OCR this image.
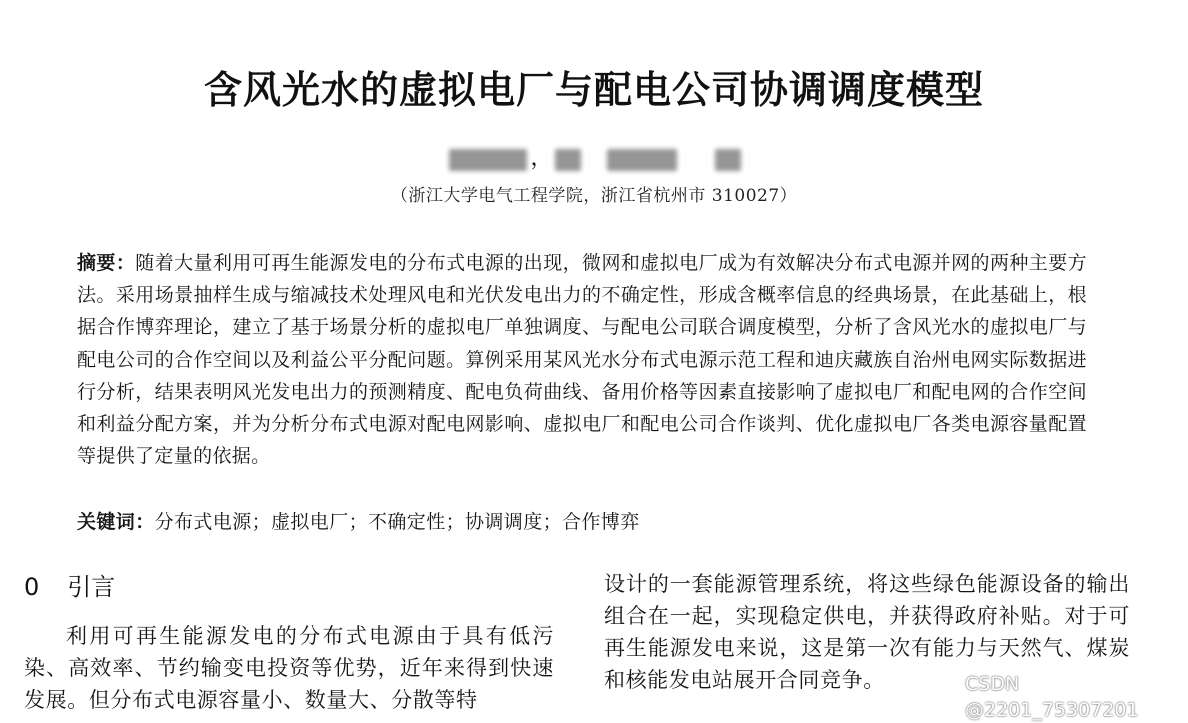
含风光水的虚拟电厂与配电公司协调调度模型
，
（浙江大学电气工程学院，浙江省杭州市 310027）
摘要：随着大量利用可再生能源发电的分布式电源的出现，微网和虚拟电厂成为有效解决分布式电源并网的两种主要方法。采用场景抽样生成与缩减技术处理风电和光伏发电出力的不确定性，形成含概率信息的经典场景，在此基础上，根据合作博弈理论，建立了基于场景分析的虚拟电厂单独调度、与配电公司联合调度模型，分析了含风光水的虚拟电厂与配电公司的合作空间以及利益公平分配问题。算例采用某风光水分布式电源示范工程和迪庆藏族自治州电网实际数据进行分析，结果表明风光发电出力的预测精度、配电负荷曲线、备用价格等因素直接影响了虚拟电厂和配电网的合作空间和利益分配方案，并为分析分布式电源对配电网影响、虚拟电厂和配电公司合作谈判、优化虚拟电厂各类电源容量配置等提供了定量的依据。
关键词：分布式电源；虚拟电厂；不确定性；协调调度；合作博弈
0 引言
利用可再生能源发电的分布式电源由于具有低污染、高效率、节约输变电投资等优势，近年来得到快速发展。但分布式电源容量小、数量大、分散等特
设计的一套能源管理系统，将这些绿色能源设备的输出组合在一起，实现稳定供电，并获得政府补贴。对于可再生能源发电来说，这是第一次有能力与天然气、煤炭和核能发电站展开合同竞争。	CSDN @2201_75307201
